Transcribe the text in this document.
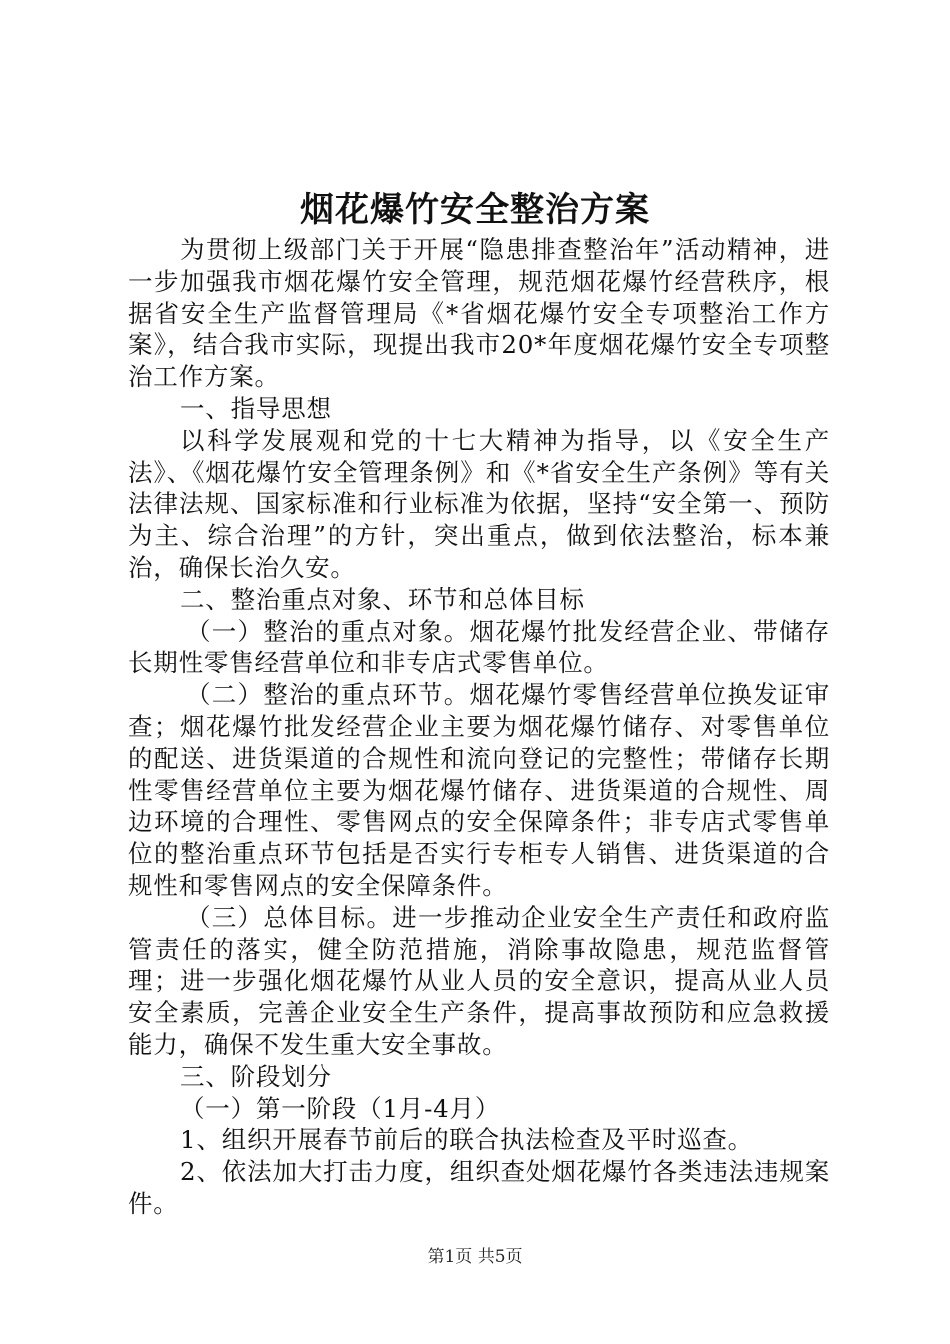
烟花爆竹安全整治方案

为贯彻上级部门关于开展“隐患排查整治年”活动精神，进一步加强我市烟花爆竹安全管理，规范烟花爆竹经营秩序，根据省安全生产监督管理局《*省烟花爆竹安全专项整治工作方案》，结合我市实际，现提出我市20*年度烟花爆竹安全专项整治工作方案。

一、指导思想

以科学发展观和党的十七大精神为指导，以《安全生产法》、《烟花爆竹安全管理条例》和《*省安全生产条例》等有关法律法规、国家标准和行业标准为依据，坚持“安全第一、预防为主、综合治理”的方针，突出重点，做到依法整治，标本兼治，确保长治久安。

二、整治重点对象、环节和总体目标

（一）整治的重点对象。烟花爆竹批发经营企业、带储存长期性零售经营单位和非专店式零售单位。

（二）整治的重点环节。烟花爆竹零售经营单位换发证审查；烟花爆竹批发经营企业主要为烟花爆竹储存、对零售单位的配送、进货渠道的合规性和流向登记的完整性；带储存长期性零售经营单位主要为烟花爆竹储存、进货渠道的合规性、周边环境的合理性、零售网点的安全保障条件；非专店式零售单位的整治重点环节包括是否实行专柜专人销售、进货渠道的合规性和零售网点的安全保障条件。

（三）总体目标。进一步推动企业安全生产责任和政府监管责任的落实，健全防范措施，消除事故隐患，规范监督管理；进一步强化烟花爆竹从业人员的安全意识，提高从业人员安全素质，完善企业安全生产条件，提高事故预防和应急救援能力，确保不发生重大安全事故。

三、阶段划分

（一）第一阶段（1月-4月）

1、组织开展春节前后的联合执法检查及平时巡查。

2、依法加大打击力度，组织查处烟花爆竹各类违法违规案件。

第1页 共5页
